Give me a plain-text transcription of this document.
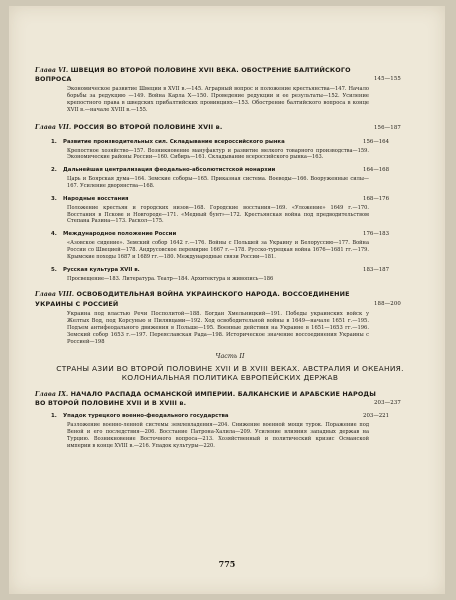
Глава VI. ШВЕЦИЯ ВО ВТОРОЙ ПОЛОВИНЕ XVII ВЕКА. ОБОСТРЕНИЕ БАЛТИЙСКОГО ВОПРОСА	145—155
Экономическое развитие Швеции в XVII в.—145. Аграрный вопрос и положение крестьянства—147. Начало борьбы за редукцию —149. Война Карла X—150. Проведение редукции и ее результаты—152. Усиление крепостного права в шведских прибалтийских провинциях—153. Обострение балтийского вопроса в конце XVII в.—начале XVIII в.—155.
Глава VII. РОССИЯ ВО ВТОРОЙ ПОЛОВИНЕ XVII в.	156—187
1. Развитие производительных сил. Складывание всероссийского рынка	156—164
Крепостное хозяйство—157. Возникновение мануфактур и развитие мелкого товарного производства—159. Экономические районы России—160. Сибирь—161. Складывание всероссийского рынка—163.
2. Дальнейшая централизация феодально-абсолютистской монархии	164—168
Царь и Боярская дума—164. Земские соборы—165. Приказная система. Воеводы—166. Вооруженные силы—167. Усиление дворянства—168.
3. Народные восстания	168—176
Положение крестьян и городских низов—168. Городские восстания—169. «Уложение» 1649 г.—170. Восстания в Пскове и Новгороде—171. «Медный бунт»—172. Крестьянская война под предводительством Степана Разина—173. Раскол—175.
4. Международное положение России	176—183
«Азовское сидение». Земский собор 1642 г.—176. Войны с Польшей за Украину и Белоруссию—177. Война России со Швецией—178. Андрусовское перемирие 1667 г.—178. Русско-турецкая война 1676—1681 гг.—179. Крымские походы 1687 и 1689 гг.—180. Международные связи России—181.
5. Русская культура XVII в.	183—187
Просвещение—183. Литература. Театр—184. Архитектура и живопись—186
Глава VIII. ОСВОБОДИТЕЛЬНАЯ ВОЙНА УКРАИНСКОГО НАРОДА. ВОССОЕДИНЕНИЕ УКРАИНЫ С РОССИЕЙ	188—200
Украина под властью Речи Посполитой—188. Богдан Хмельницкий—191. Победы украинских войск у Желтых Вод, под Корсунью и Пилявцами—192. Ход освободительной войны в 1649—начале 1651 г.—195. Подъем антифеодального движения в Польше—195. Военные действия на Украине в 1651—1653 гг.—196. Земский собор 1653 г.—197. Переяславская Рада—198. Историческое значение воссоединения Украины с Россией—198
Часть II
СТРАНЫ АЗИИ ВО ВТОРОЙ ПОЛОВИНЕ XVII И В XVIII ВЕКАХ. АВСТРАЛИЯ И ОКЕАНИЯ. КОЛОНИАЛЬНАЯ ПОЛИТИКА ЕВРОПЕЙСКИХ ДЕРЖАВ
Глава IX. НАЧАЛО РАСПАДА ОСМАНСКОЙ ИМПЕРИИ. БАЛКАНСКИЕ И АРАБСКИЕ НАРОДЫ ВО ВТОРОЙ ПОЛОВИНЕ XVII И В XVIII в.	203—237
1. Упадок турецкого военно-феодального государства	203—221
Разложение военно-ленной системы землевладения—204. Снижение военной мощи турок. Поражение под Веной и его последствия—206. Восстание Патрона-Халила—209. Усиление влияния западных держав на Турцию. Возникновение Восточного вопроса—213. Хозяйственный и политический кризис Османской империи в конце XVIII в.—216. Упадок культуры—220.
775
